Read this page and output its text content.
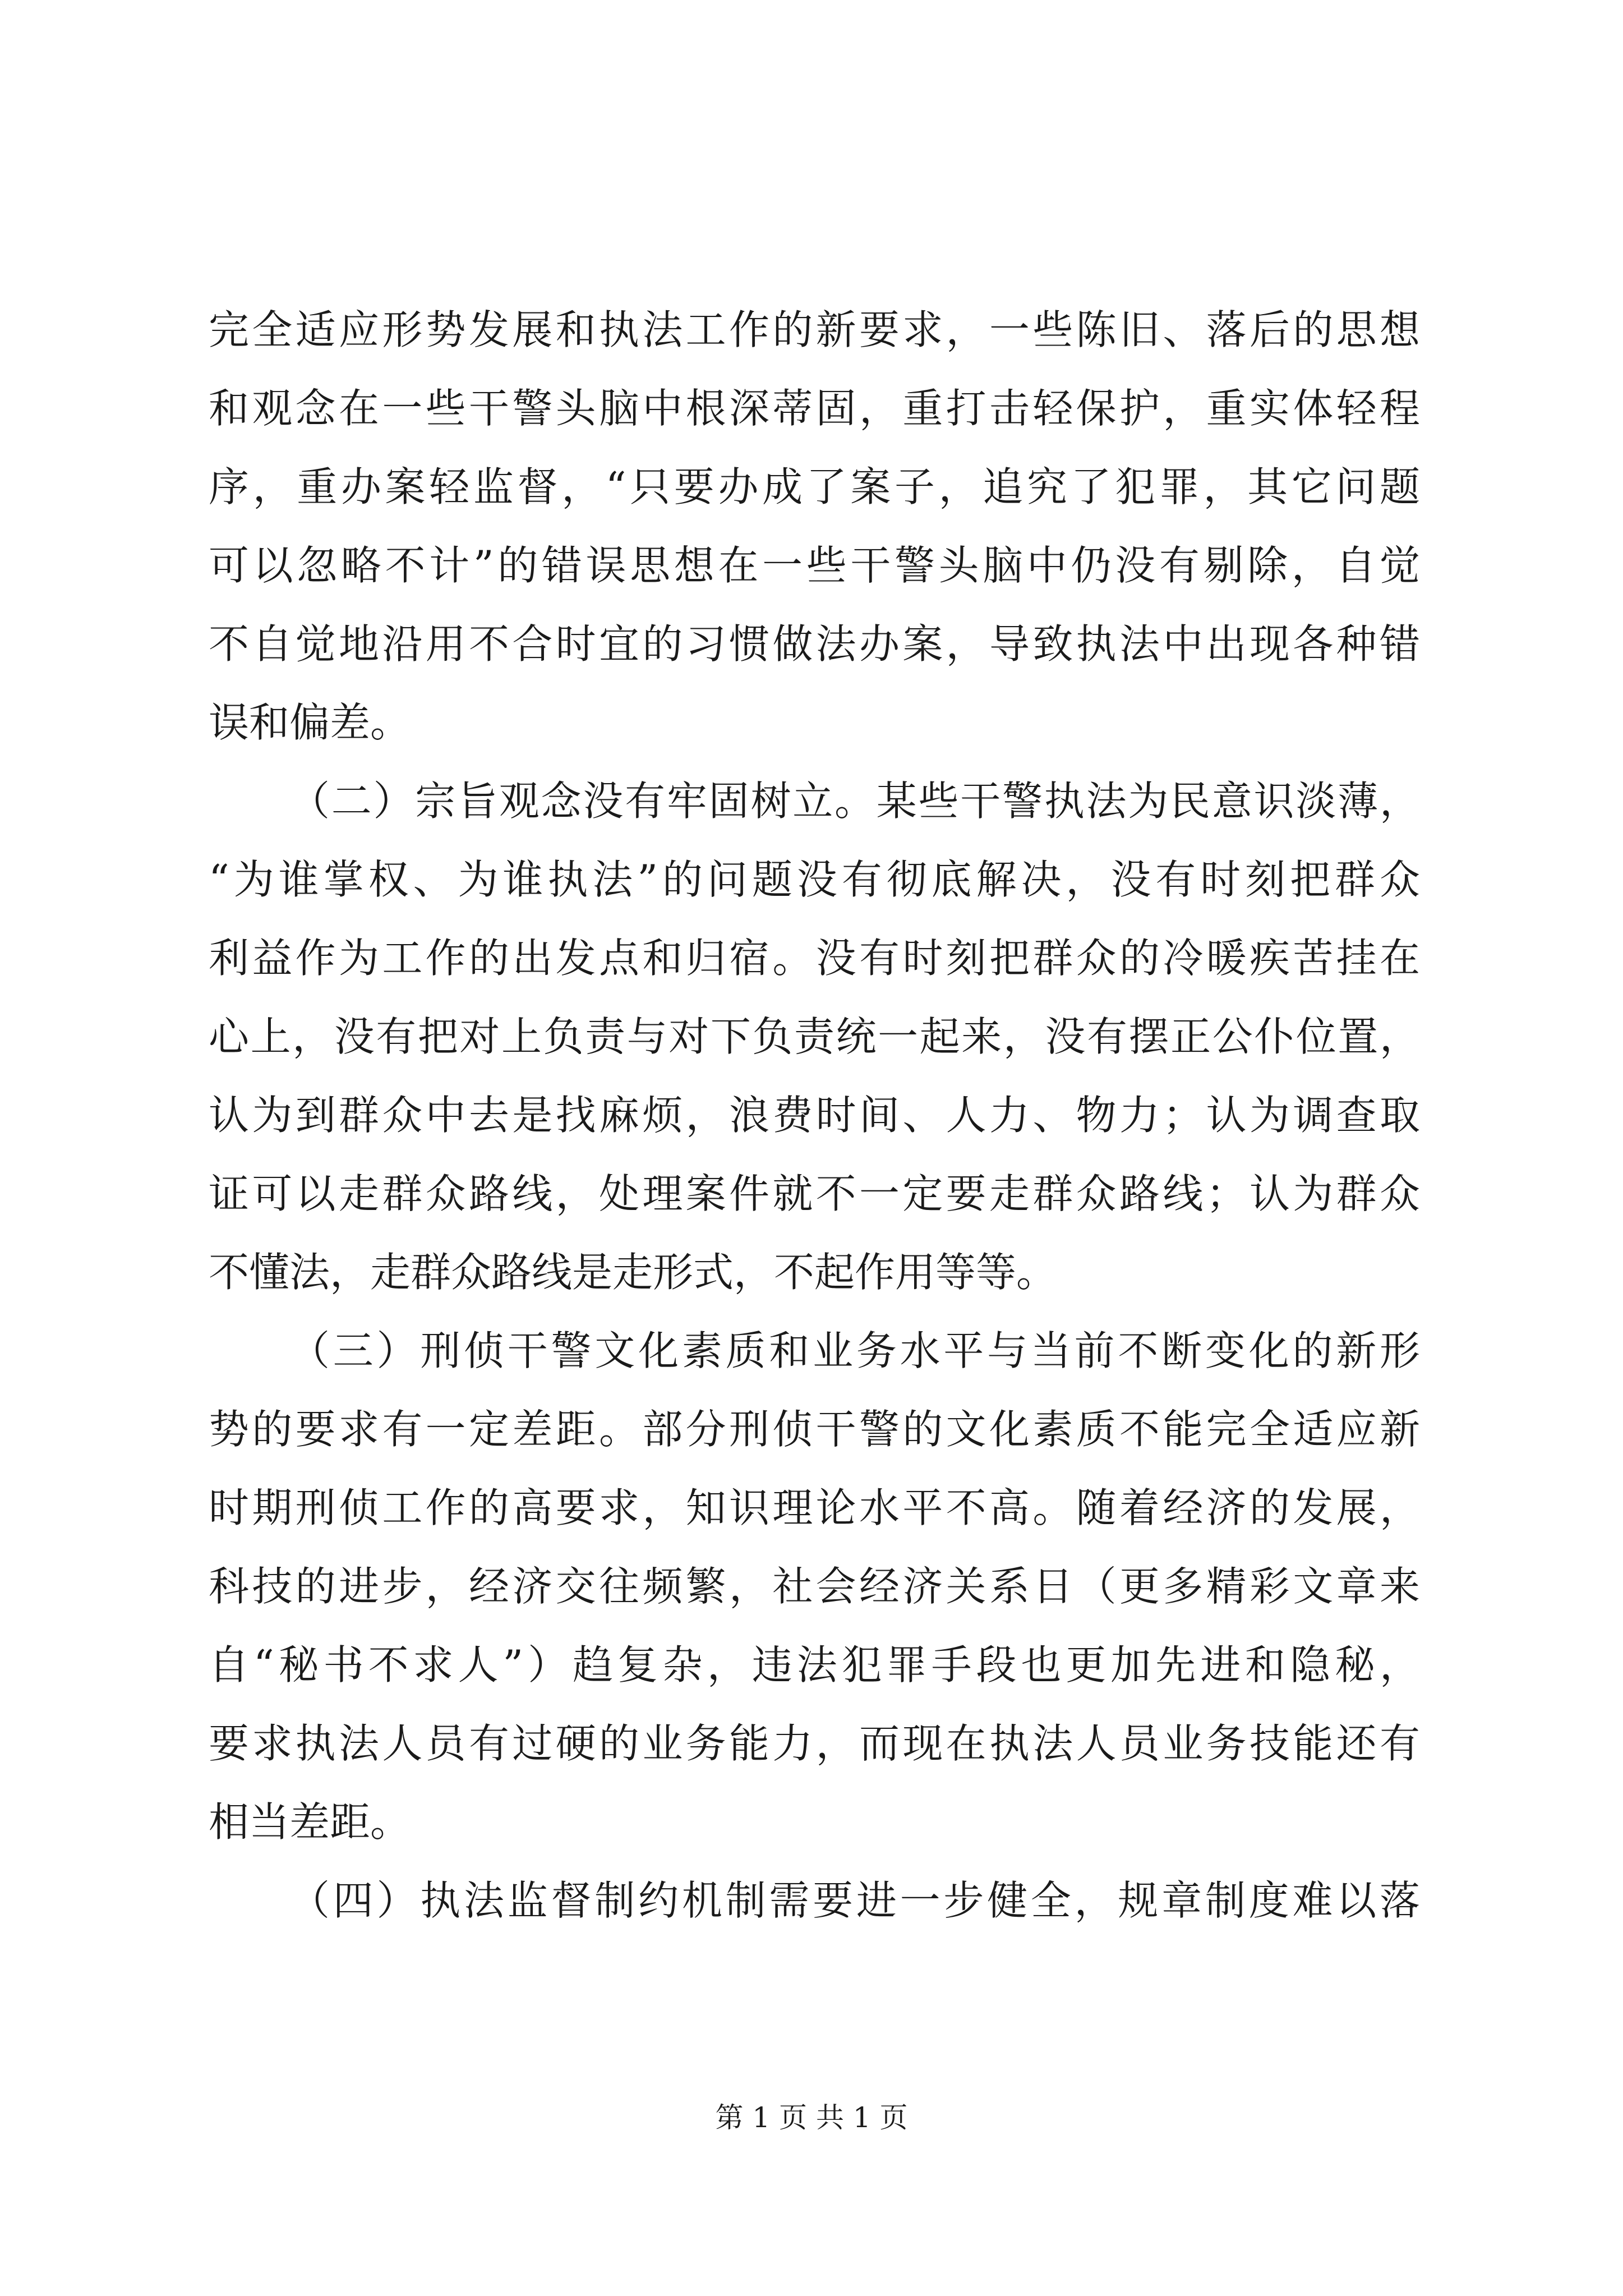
完全适应形势发展和执法工作的新要求，一些陈旧、落后的思想
和观念在一些干警头脑中根深蒂固，重打击轻保护，重实体轻程
序，重办案轻监督，“只要办成了案子，追究了犯罪，其它问题
可以忽略不计”的错误思想在一些干警头脑中仍没有剔除，自觉
不自觉地沿用不合时宜的习惯做法办案，导致执法中出现各种错
误和偏差。
（二）宗旨观念没有牢固树立。某些干警执法为民意识淡薄，
“为谁掌权、为谁执法”的问题没有彻底解决，没有时刻把群众
利益作为工作的出发点和归宿。没有时刻把群众的冷暖疾苦挂在
心上，没有把对上负责与对下负责统一起来，没有摆正公仆位置，
认为到群众中去是找麻烦，浪费时间、人力、物力；认为调查取
证可以走群众路线，处理案件就不一定要走群众路线；认为群众
不懂法，走群众路线是走形式，不起作用等等。
（三）刑侦干警文化素质和业务水平与当前不断变化的新形
势的要求有一定差距。部分刑侦干警的文化素质不能完全适应新
时期刑侦工作的高要求，知识理论水平不高。随着经济的发展，
科技的进步，经济交往频繁，社会经济关系日（更多精彩文章来
自“秘书不求人”）趋复杂，违法犯罪手段也更加先进和隐秘，
要求执法人员有过硬的业务能力，而现在执法人员业务技能还有
相当差距。
（四）执法监督制约机制需要进一步健全，规章制度难以落
第 1 页 共 1 页
